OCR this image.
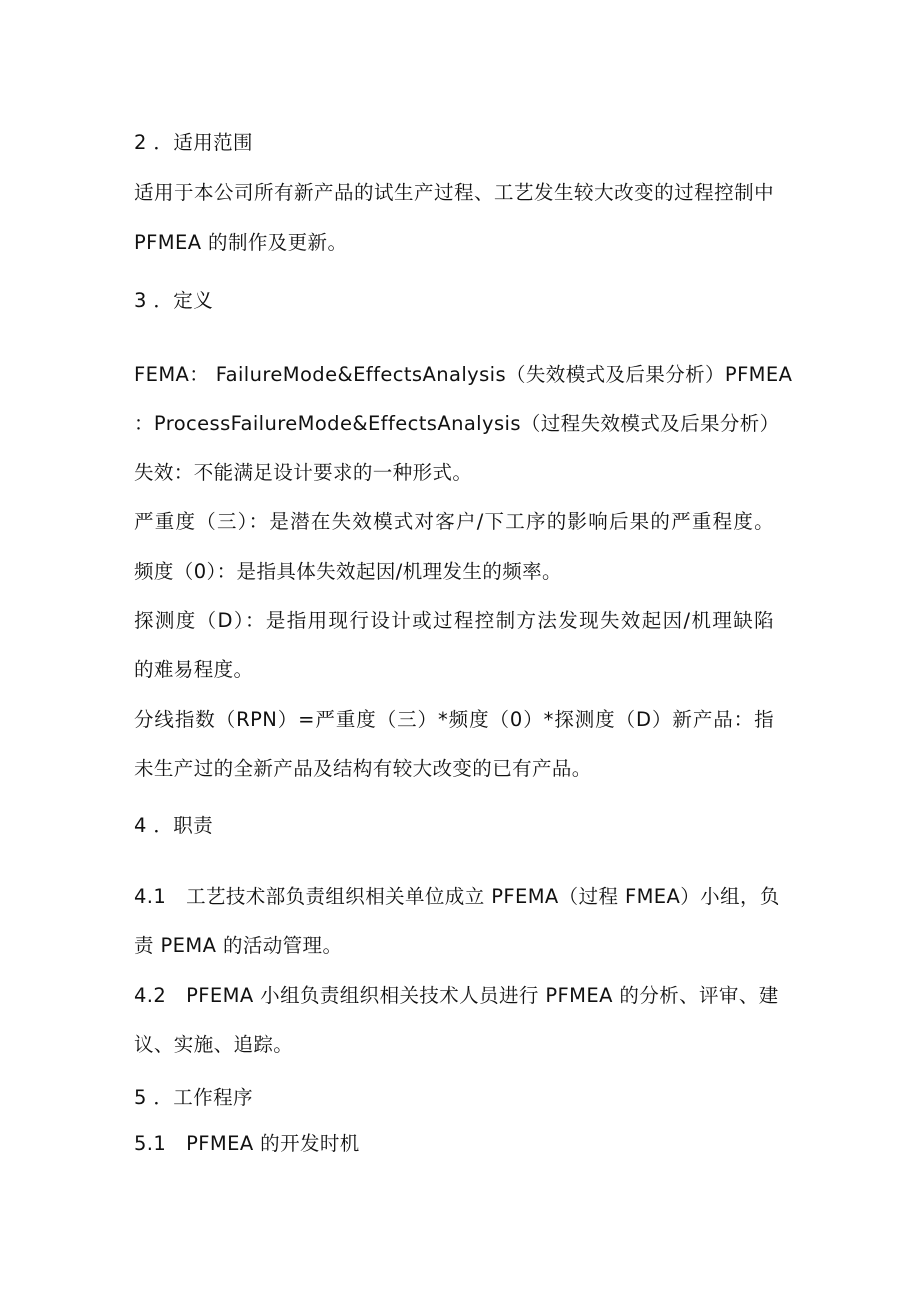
2 ．适用范围
适用于本公司所有新产品的试生产过程、工艺发生较大改变的过程控制中
PFMEA 的制作及更新。
3 ．定义
FEMA： FailureMode&EffectsAnalysis（失效模式及后果分析）PFMEA
：ProcessFailureMode&EffectsAnalysis（过程失效模式及后果分析）
失效：不能满足设计要求的一种形式。
严重度（三）：是潜在失效模式对客户/下工序的影响后果的严重程度。
频度（0）：是指具体失效起因/机理发生的频率。
探测度（D）：是指用现行设计或过程控制方法发现失效起因/机理缺陷
的难易程度。
分线指数（RPN）=严重度（三）*频度（0）*探测度（D）新产品：指
未生产过的全新产品及结构有较大改变的已有产品。
4 ．职责
4.1　工艺技术部负责组织相关单位成立 PFEMA（过程 FMEA）小组，负
责 PEMA 的活动管理。
4.2　PFEMA 小组负责组织相关技术人员进行 PFMEA 的分析、评审、建
议、实施、追踪。
5 ．工作程序
5.1　PFMEA 的开发时机
